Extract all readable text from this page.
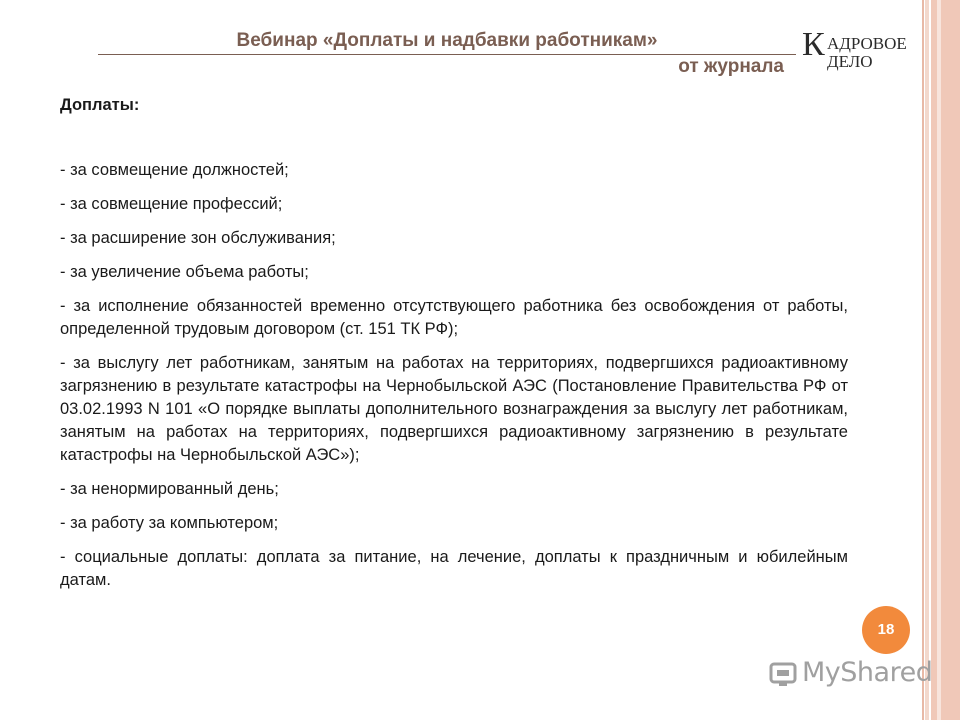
Вебинар «Доплаты и надбавки работникам»
от журнала
К АДРОВОЕ
ДЕЛО

Доплаты:

- за совмещение должностей;

- за совмещение профессий;

- за расширение зон обслуживания;

- за увеличение объема работы;

- за исполнение обязанностей временно отсутствующего работника без освобождения от работы, определенной трудовым договором (ст. 151 ТК РФ);

- за выслугу лет работникам, занятым на работах на территориях, подвергшихся радиоактивному загрязнению в результате катастрофы на Чернобыльской АЭС (Постановление Правительства РФ от 03.02.1993 N 101 «О порядке выплаты дополнительного вознаграждения за выслугу лет работникам, занятым на работах на территориях, подвергшихся радиоактивному загрязнению в результате катастрофы на Чернобыльской АЭС»);

- за ненормированный день;

- за работу за компьютером;

- социальные доплаты: доплата за питание, на лечение, доплаты к праздничным и юбилейным датам.

18
MyShared
